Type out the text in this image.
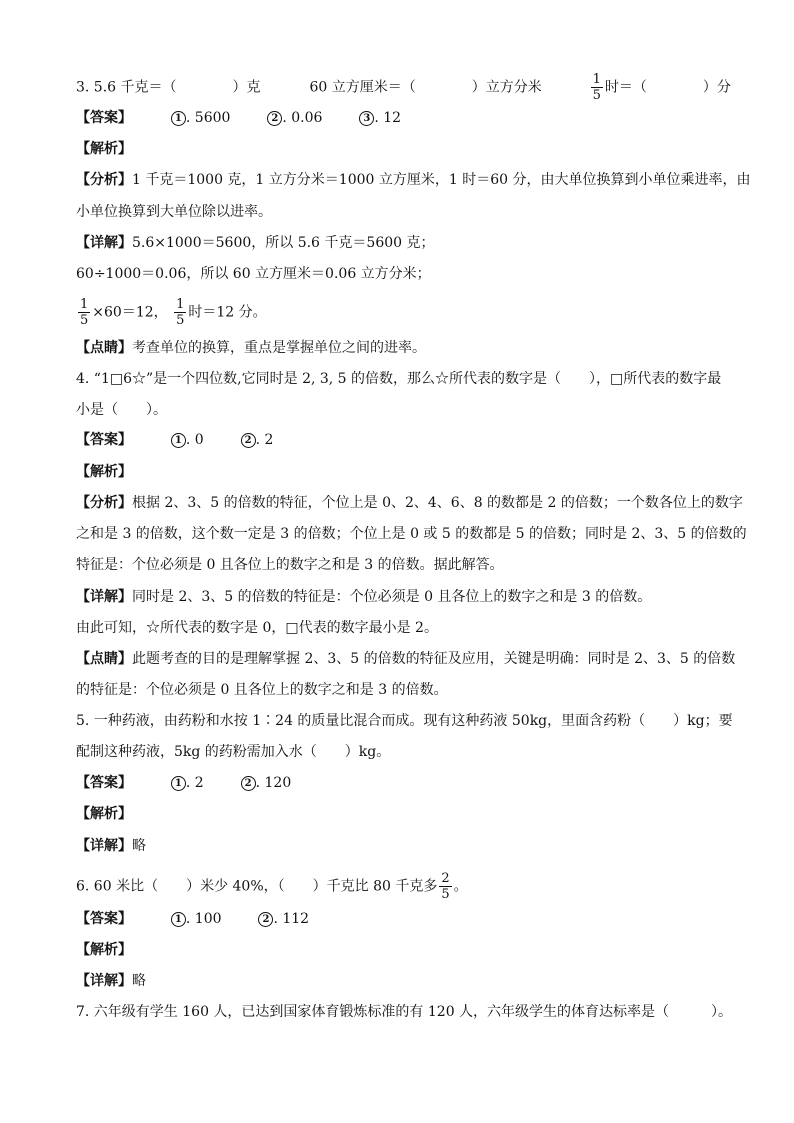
3. 5.6 千克＝（　　　　）克	60 立方厘米＝（　　　　）立方分米	$\frac{1}{5}$ 时＝（　　　　）分
【答案】	1 . 5600	2 . 0.06	3 . 12
【解析】
【分析】1 千克＝1000 克，1 立方分米＝1000 立方厘米，1 时＝60 分，由大单位换算到小单位乘进率，由
小单位换算到大单位除以进率。
【详解】5.6×1000＝5600，所以 5.6 千克＝5600 克；
60÷1000＝0.06，所以 60 立方厘米＝0.06 立方分米；
$\frac{1}{5} \times 60=12$， $\frac{1}{5}$ 时＝12 分。
【点睛】考查单位的换算，重点是掌握单位之间的进率。
4. “1□6☆”是一个四位数,它同时是 2, 3, 5 的倍数，那么☆所代表的数字是（　　），□所代表的数字最
小是（　　）。
【答案】	1 . 0	2 . 2
【解析】
【分析】根据 2、3、5 的倍数的特征，个位上是 0、2、4、6、8 的数都是 2 的倍数；一个数各位上的数字
之和是 3 的倍数，这个数一定是 3 的倍数；个位上是 0 或 5 的数都是 5 的倍数；同时是 2、3、5 的倍数的
特征是：个位必须是 0 且各位上的数字之和是 3 的倍数。据此解答。
【详解】同时是 2、3、5 的倍数的特征是：个位必须是 0 且各位上的数字之和是 3 的倍数。
由此可知，☆所代表的数字是 0，□代表的数字最小是 2。
【点睛】此题考查的目的是理解掌握 2、3、5 的倍数的特征及应用，关键是明确：同时是 2、3、5 的倍数
的特征是：个位必须是 0 且各位上的数字之和是 3 的倍数。
5. 一种药液，由药粉和水按 1∶24 的质量比混合而成。现有这种药液 50kg，里面含药粉（　　）kg；要
配制这种药液，5kg 的药粉需加入水（　　）kg。
【答案】	1 . 2	2 . 120
【解析】
【详解】略
6. 60 米比（　　）米少 40%，（　　）千克比 80 千克多 $\frac{2}{5}$ 。
【答案】	1 . 100	2 . 112
【解析】
【详解】略
7. 六年级有学生 160 人，已达到国家体育锻炼标准的有 120 人，六年级学生的体育达标率是（　　　）。
